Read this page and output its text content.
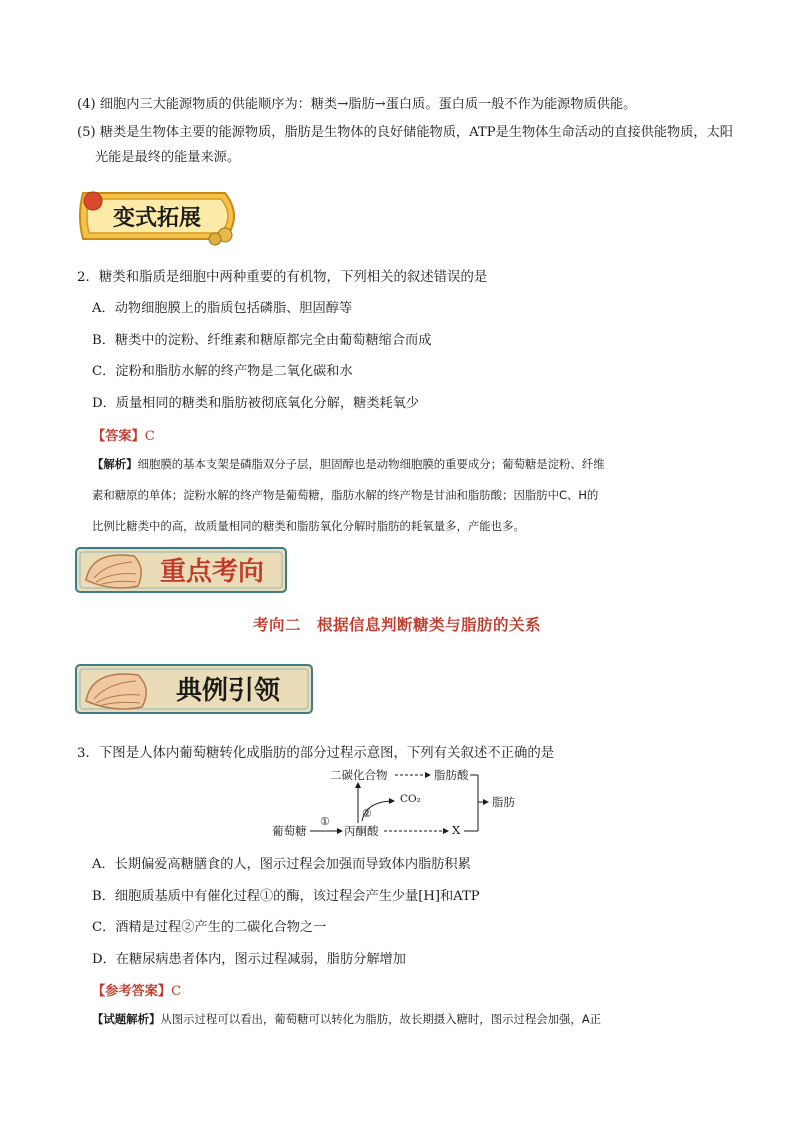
(4) 细胞内三大能源物质的供能顺序为：糖类→脂肪→蛋白质。蛋白质一般不作为能源物质供能。
(5) 糖类是生物体主要的能源物质，脂肪是生物体的良好储能物质，ATP是生物体生命活动的直接供能物质，太阳光能是最终的能量来源。
变式拓展
2．糖类和脂质是细胞中两种重要的有机物，下列相关的叙述错误的是
A．动物细胞膜上的脂质包括磷脂、胆固醇等
B．糖类中的淀粉、纤维素和糖原都完全由葡萄糖缩合而成
C．淀粉和脂肪水解的终产物是二氧化碳和水
D．质量相同的糖类和脂肪被彻底氧化分解，糖类耗氧少
【答案】C
【解析】细胞膜的基本支架是磷脂双分子层，胆固醇也是动物细胞膜的重要成分；葡萄糖是淀粉、纤维
素和糖原的单体；淀粉水解的终产物是葡萄糖，脂肪水解的终产物是甘油和脂肪酸；因脂肪中C、H的
比例比糖类中的高，故质量相同的糖类和脂肪氧化分解时脂肪的耗氧量多，产能也多。
重点考向
考向二　根据信息判断糖类与脂肪的关系
典例引领
3．下图是人体内葡萄糖转化成脂肪的部分过程示意图，下列有关叙述不正确的是
葡萄糖
①
丙酮酸
②
二碳化合物	脂肪酸
CO₂
X
脂肪
A．长期偏爱高糖膳食的人，图示过程会加强而导致体内脂肪积累
B．细胞质基质中有催化过程①的酶，该过程会产生少量[H]和ATP
C．酒精是过程②产生的二碳化合物之一
D．在糖尿病患者体内，图示过程减弱，脂肪分解增加
【参考答案】C
【试题解析】从图示过程可以看出，葡萄糖可以转化为脂肪，故长期摄入糖时，图示过程会加强，A正
